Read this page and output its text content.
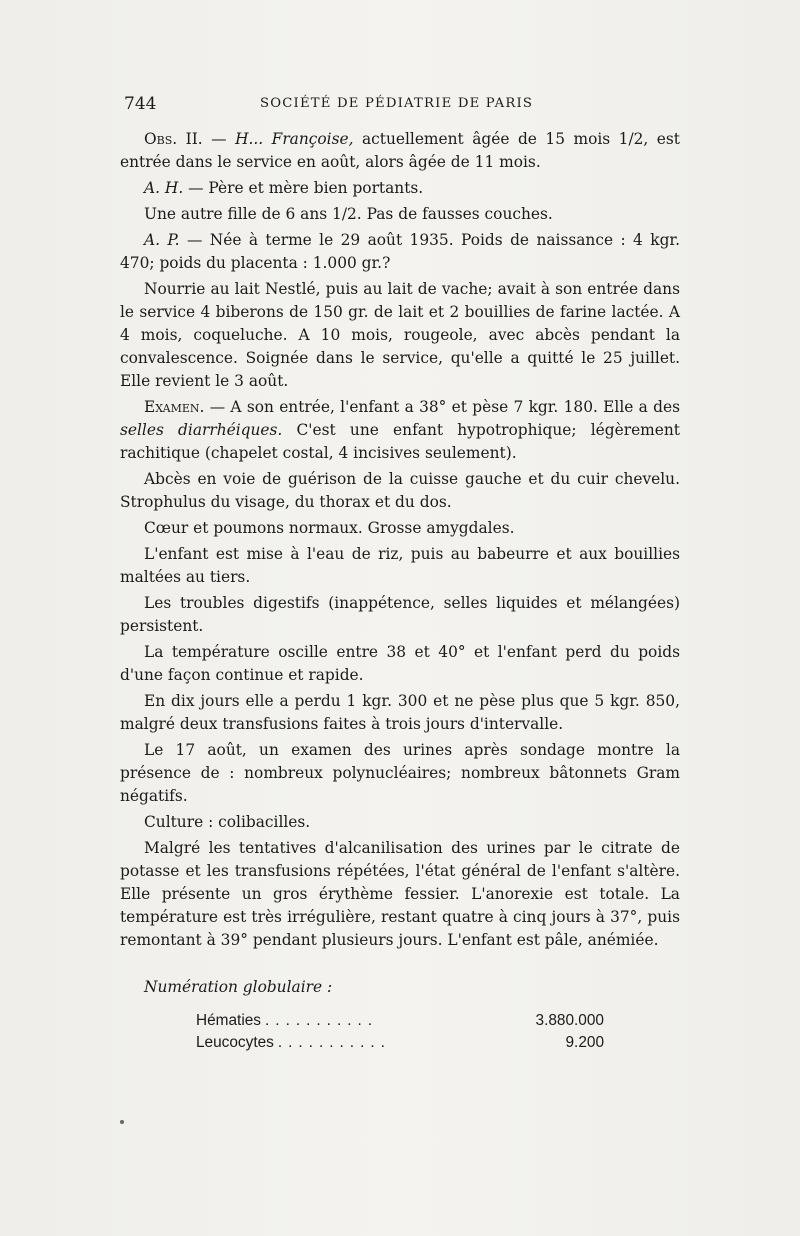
744	SOCIÉTÉ DE PÉDIATRIE DE PARIS

Obs. II. — H... Françoise, actuellement âgée de 15 mois 1/2, est entrée dans le service en août, alors âgée de 11 mois.

A. H. — Père et mère bien portants.

Une autre fille de 6 ans 1/2. Pas de fausses couches.

A. P. — Née à terme le 29 août 1935. Poids de naissance : 4 kgr. 470; poids du placenta : 1.000 gr.?

Nourrie au lait Nestlé, puis au lait de vache; avait à son entrée dans le service 4 biberons de 150 gr. de lait et 2 bouillies de farine lactée. A 4 mois, coqueluche. A 10 mois, rougeole, avec abcès pendant la convalescence. Soignée dans le service, qu'elle a quitté le 25 juillet. Elle revient le 3 août.

Examen. — A son entrée, l'enfant a 38° et pèse 7 kgr. 180. Elle a des selles diarrhéiques. C'est une enfant hypotrophique; légèrement rachitique (chapelet costal, 4 incisives seulement).

Abcès en voie de guérison de la cuisse gauche et du cuir chevelu. Strophulus du visage, du thorax et du dos.

Cœur et poumons normaux. Grosse amygdales.

L'enfant est mise à l'eau de riz, puis au babeurre et aux bouillies maltées au tiers.

Les troubles digestifs (inappétence, selles liquides et mélangées) persistent.

La température oscille entre 38 et 40° et l'enfant perd du poids d'une façon continue et rapide.

En dix jours elle a perdu 1 kgr. 300 et ne pèse plus que 5 kgr. 850, malgré deux transfusions faites à trois jours d'intervalle.

Le 17 août, un examen des urines après sondage montre la présence de : nombreux polynucléaires; nombreux bâtonnets Gram négatifs.

Culture : colibacilles.

Malgré les tentatives d'alcanilisation des urines par le citrate de potasse et les transfusions répétées, l'état général de l'enfant s'altère. Elle présente un gros érythème fessier. L'anorexie est totale. La température est très irrégulière, restant quatre à cinq jours à 37°, puis remontant à 39° pendant plusieurs jours. L'enfant est pâle, anémiée.

Numération globulaire :
Hématies ...........	3.880.000
Leucocytes ...........	9.200
